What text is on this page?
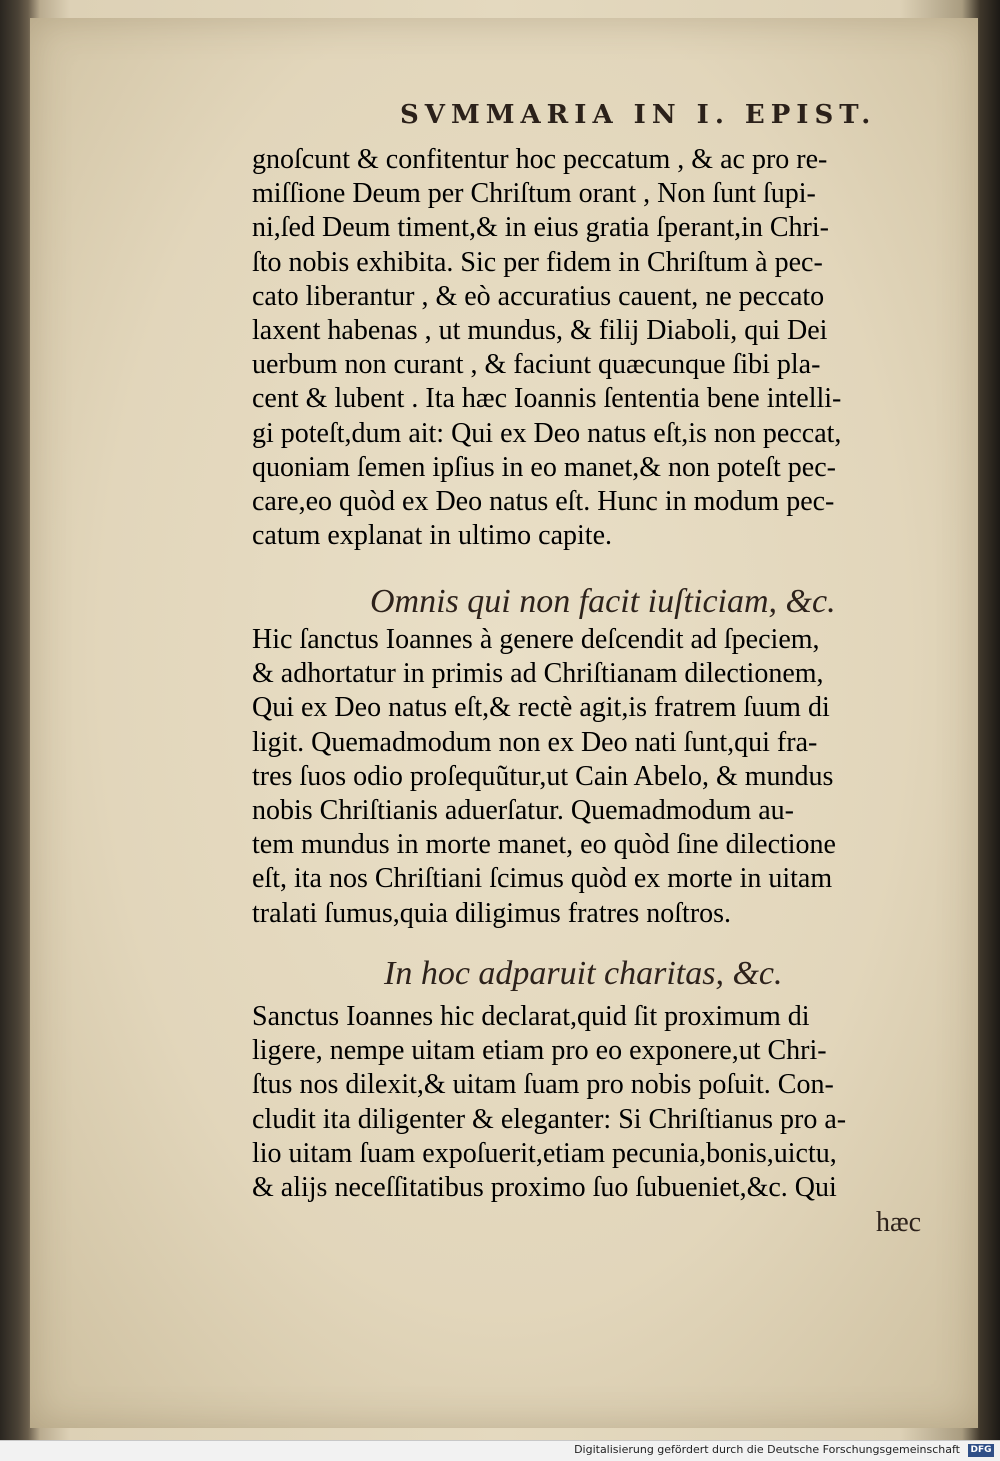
SVMMARIA IN I. EPIST.
gnoſcunt & confitentur hoc peccatum , & ac pro re-
miſſione Deum per Chriſtum orant , Non ſunt ſupi-
ni,ſed Deum timent,& in eius gratia ſperant,in Chri-
ſto nobis exhibita. Sic per fidem in Chriſtum à pec-
cato liberantur , & eò accuratius cauent, ne peccato
laxent habenas , ut mundus, & filij Diaboli, qui Dei
uerbum non curant , & faciunt quæcunque ſibi pla-
cent & lubent . Ita hæc Ioannis ſententia bene intelli-
gi poteſt,dum ait: Qui ex Deo natus eſt,is non peccat,
quoniam ſemen ipſius in eo manet,& non poteſt pec-
care,eo quòd ex Deo natus eſt. Hunc in modum pec-
catum explanat in ultimo capite.
Omnis qui non facit iuſticiam, &c.
Hic ſanctus Ioannes à genere deſcendit ad ſpeciem,
& adhortatur in primis ad Chriſtianam dilectionem,
Qui ex Deo natus eſt,& rectè agit,is fratrem ſuum di
ligit. Quemadmodum non ex Deo nati ſunt,qui fra-
tres ſuos odio proſequũtur,ut Cain Abelo, & mundus
nobis Chriſtianis aduerſatur. Quemadmodum au-
tem mundus in morte manet, eo quòd ſine dilectione
eſt, ita nos Chriſtiani ſcimus quòd ex morte in uitam
tralati ſumus,quia diligimus fratres noſtros.
In hoc adparuit charitas, &c.
Sanctus Ioannes hic declarat,quid ſit proximum di
ligere, nempe uitam etiam pro eo exponere,ut Chri-
ſtus nos dilexit,& uitam ſuam pro nobis poſuit. Con-
cludit ita diligenter & eleganter: Si Chriſtianus pro a-
lio uitam ſuam expoſuerit,etiam pecunia,bonis,uictu,
& alijs neceſſitatibus proximo ſuo ſubueniet,&c. Qui
hæc
Digitalisierung gefördert durch die Deutsche Forschungsgemeinschaft DFG
